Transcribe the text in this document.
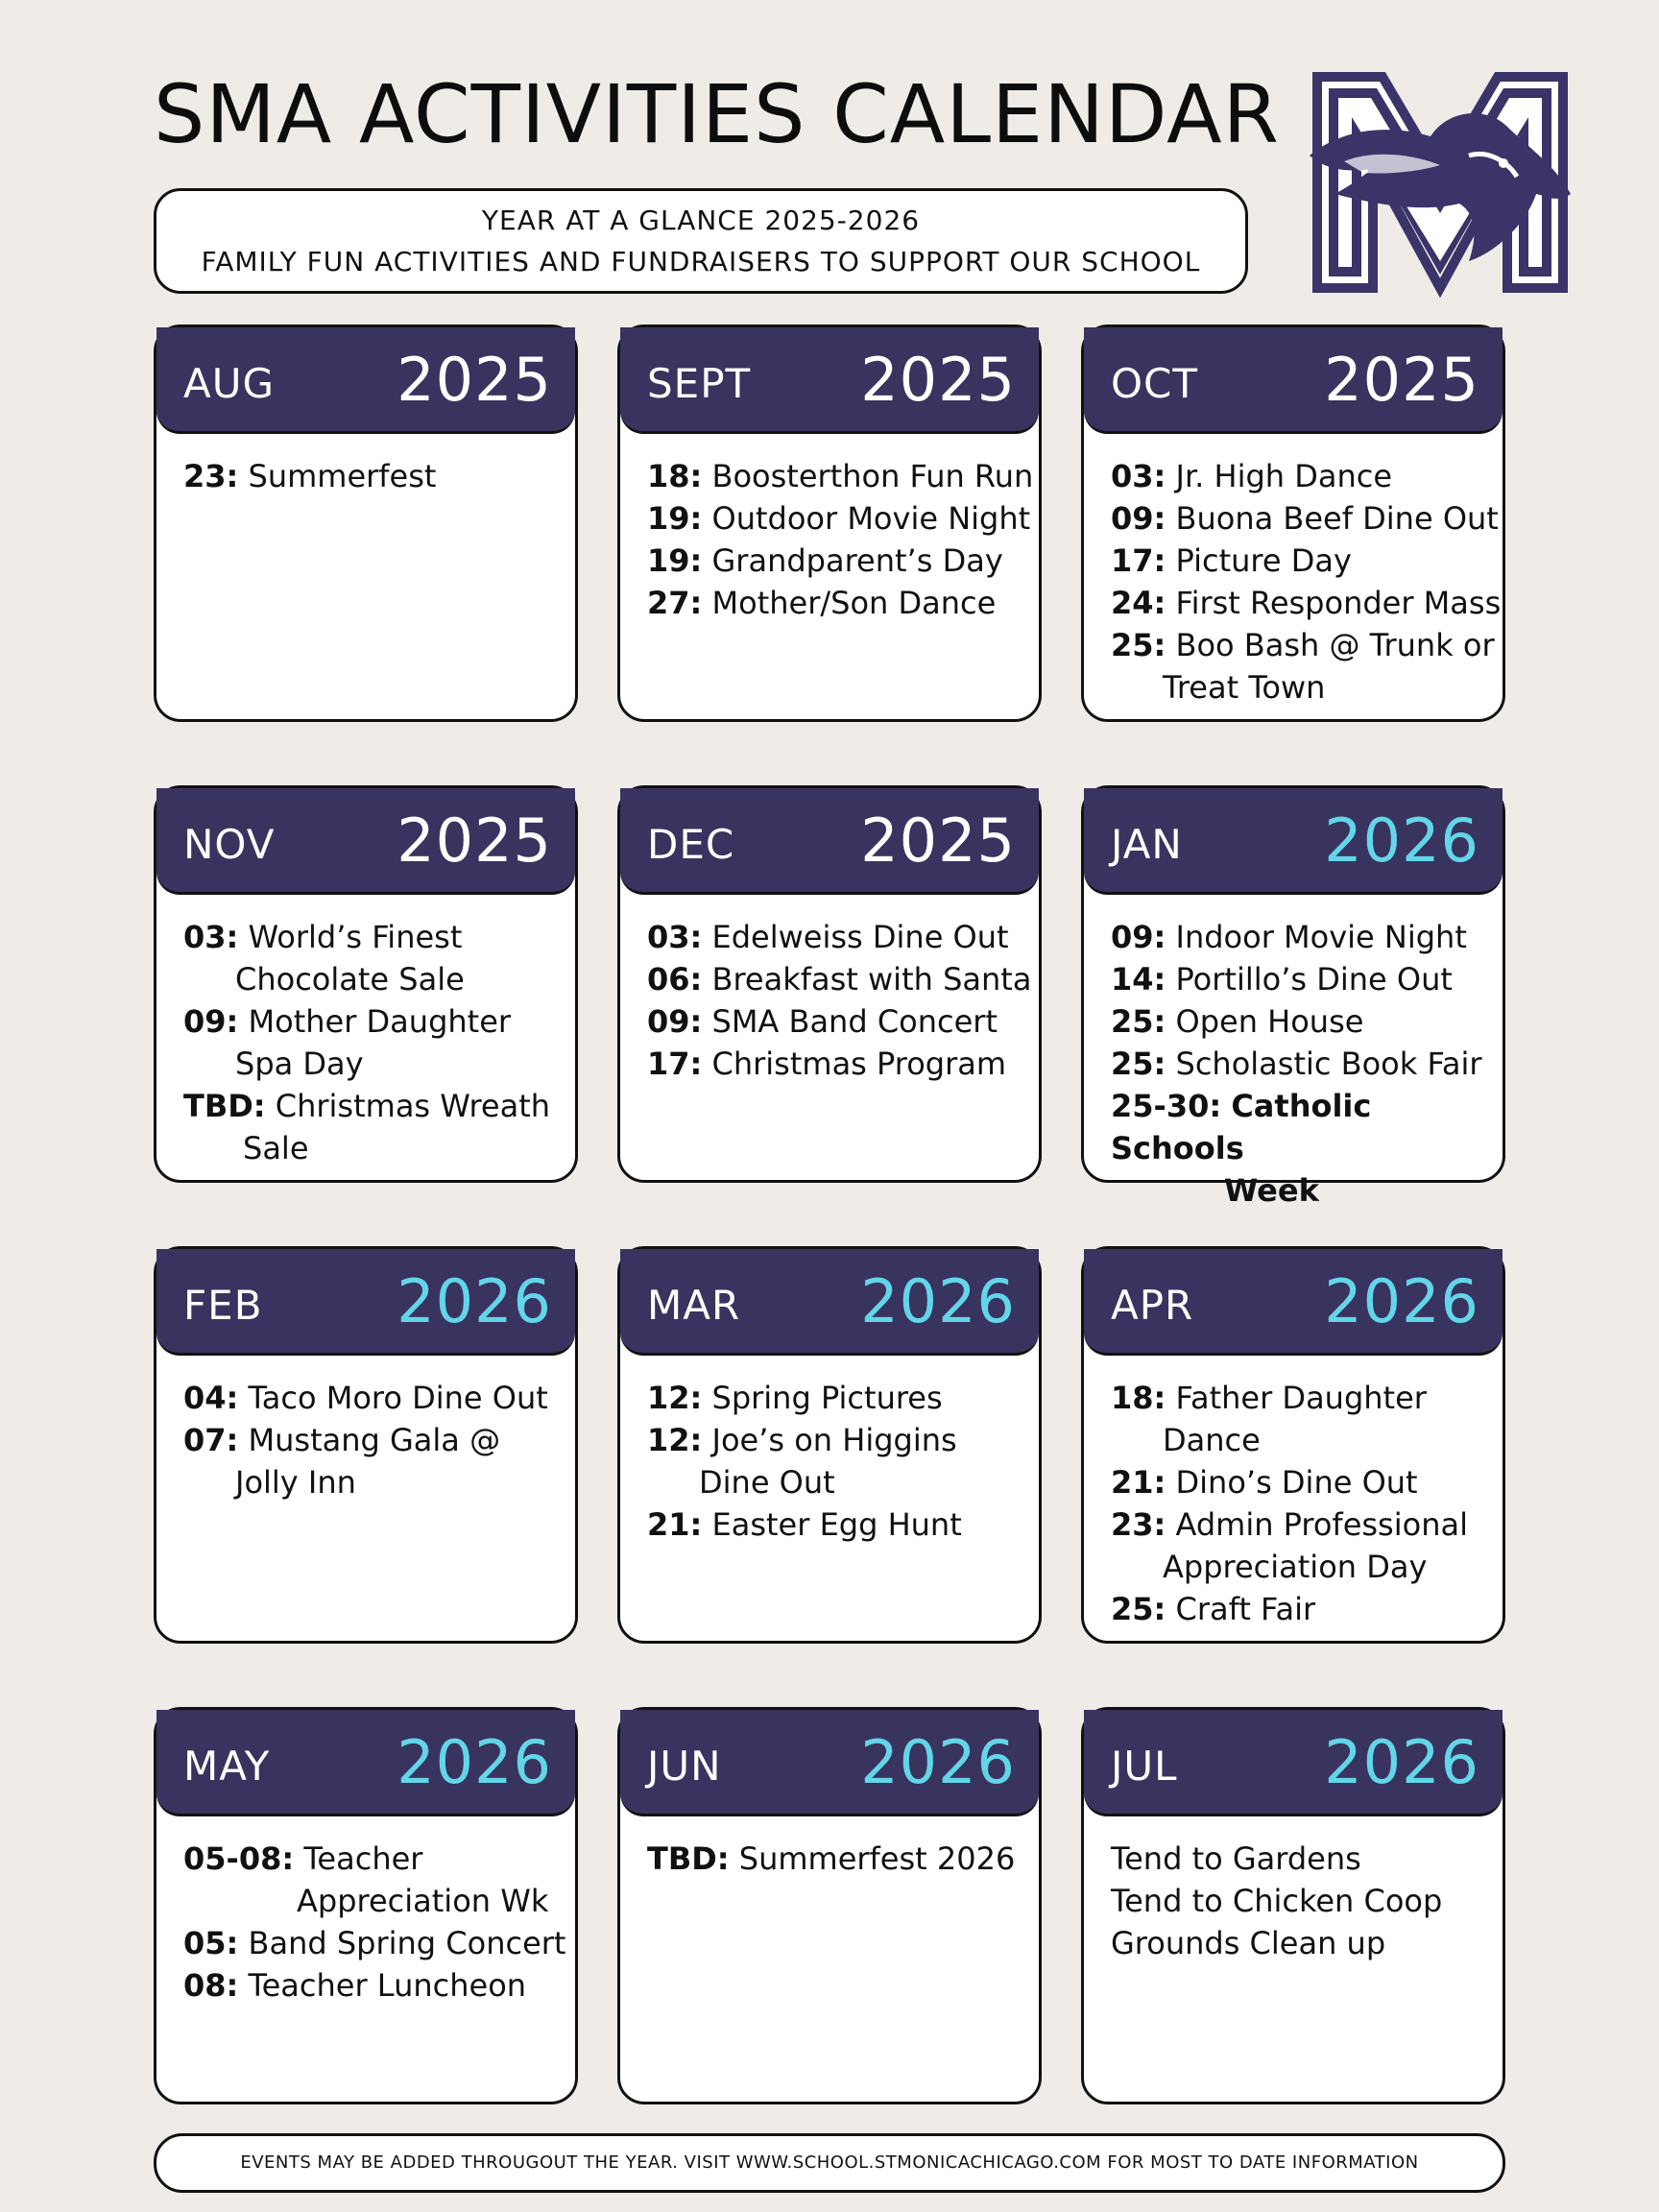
SMA ACTIVITIES CALENDAR
YEAR AT A GLANCE 2025-2026
FAMILY FUN ACTIVITIES AND FUNDRAISERS TO SUPPORT OUR SCHOOL
S
AUG 2025
23: Summerfest
SEPT 2025
18: Boosterthon Fun Run
19: Outdoor Movie Night
19: Grandparent’s Day
27: Mother/Son Dance
OCT 2025
03: Jr. High Dance
09: Buona Beef Dine Out
17: Picture Day
24: First Responder Mass
25: Boo Bash @ Trunk or
Treat Town
NOV 2025
03: World’s Finest
Chocolate Sale
09: Mother Daughter
Spa Day
TBD: Christmas Wreath
Sale
DEC 2025
03: Edelweiss Dine Out
06: Breakfast with Santa
09: SMA Band Concert
17: Christmas Program
JAN 2026
09: Indoor Movie Night
14: Portillo’s Dine Out
25: Open House
25: Scholastic Book Fair
25-30: Catholic Schools
Week
FEB 2026
04: Taco Moro Dine Out
07: Mustang Gala @
Jolly Inn
MAR 2026
12: Spring Pictures
12: Joe’s on Higgins
Dine Out
21: Easter Egg Hunt
APR 2026
18: Father Daughter
Dance
21: Dino’s Dine Out
23: Admin Professional
Appreciation Day
25: Craft Fair
MAY 2026
05-08: Teacher
Appreciation Wk
05: Band Spring Concert
08: Teacher Luncheon
JUN 2026
TBD: Summerfest 2026
JUL 2026
Tend to Gardens
Tend to Chicken Coop
Grounds Clean up
EVENTS MAY BE ADDED THROUGOUT THE YEAR. VISIT WWW.SCHOOL.STMONICACHICAGO.COM FOR MOST TO DATE INFORMATION
